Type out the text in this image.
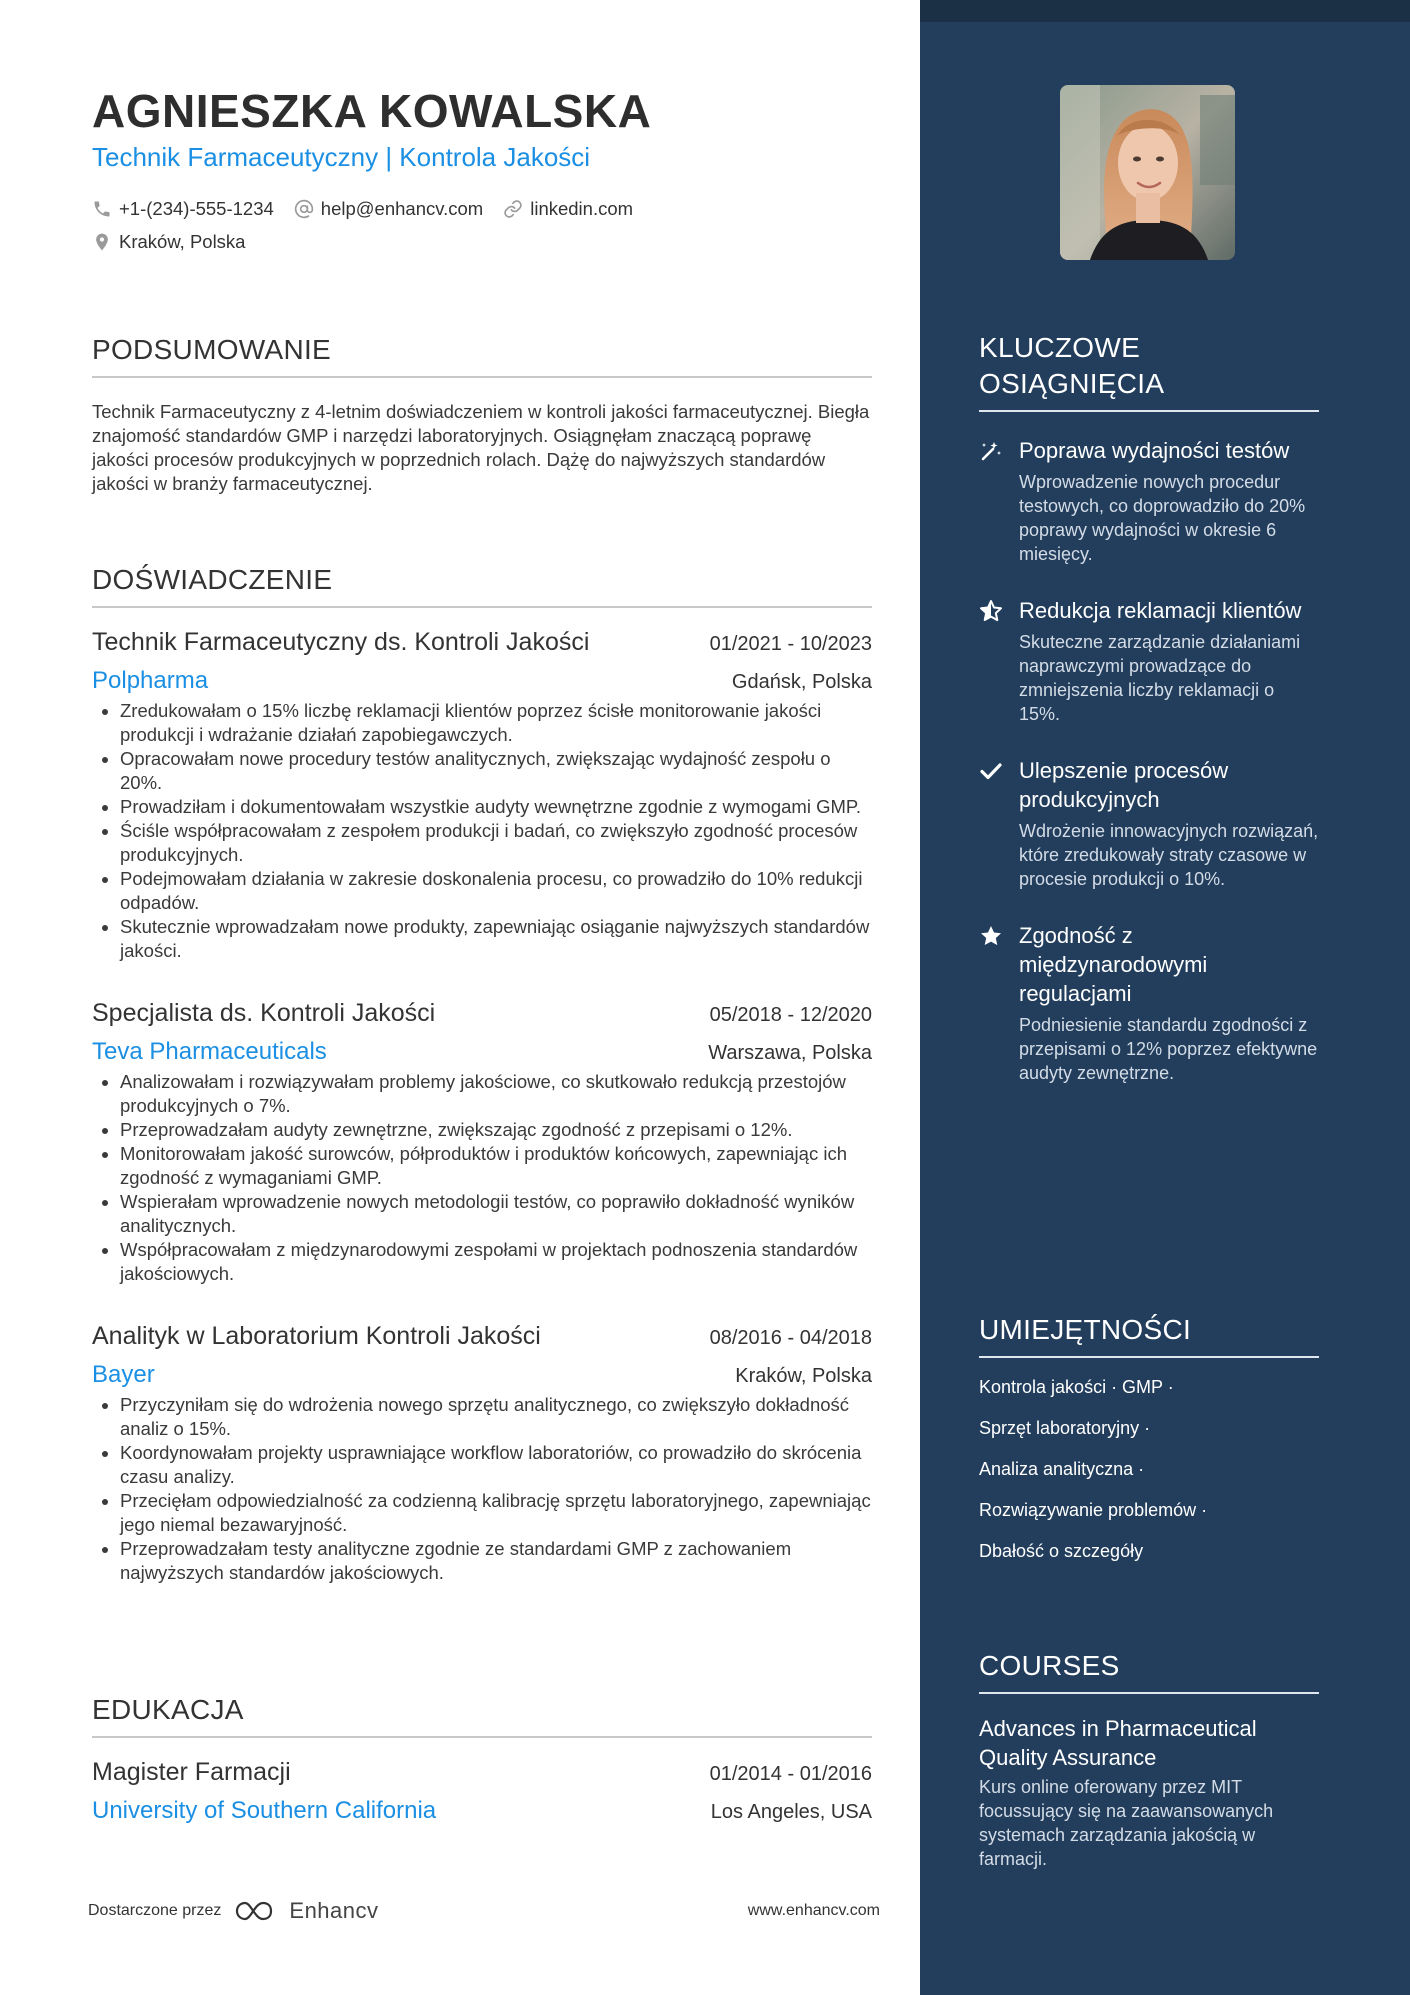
AGNIESZKA KOWALSKA
Technik Farmaceutyczny | Kontrola Jakości
+1-(234)-555-1234	help@enhancv.com	linkedin.com
Kraków, Polska
PODSUMOWANIE
Technik Farmaceutyczny z 4-letnim doświadczeniem w kontroli jakości farmaceutycznej. Biegła znajomość standardów GMP i narzędzi laboratoryjnych. Osiągnęłam znaczącą poprawę jakości procesów produkcyjnych w poprzednich rolach. Dążę do najwyższych standardów jakości w branży farmaceutycznej.
DOŚWIADCZENIE
Technik Farmaceutyczny ds. Kontroli Jakości	01/2021 - 10/2023
Polpharma	Gdańsk, Polska
• Zredukowałam o 15% liczbę reklamacji klientów poprzez ścisłe monitorowanie jakości produkcji i wdrażanie działań zapobiegawczych.
• Opracowałam nowe procedury testów analitycznych, zwiększając wydajność zespołu o 20%.
• Prowadziłam i dokumentowałam wszystkie audyty wewnętrzne zgodnie z wymogami GMP.
• Ściśle współpracowałam z zespołem produkcji i badań, co zwiększyło zgodność procesów produkcyjnych.
• Podejmowałam działania w zakresie doskonalenia procesu, co prowadziło do 10% redukcji odpadów.
• Skutecznie wprowadzałam nowe produkty, zapewniając osiąganie najwyższych standardów jakości.
Specjalista ds. Kontroli Jakości	05/2018 - 12/2020
Teva Pharmaceuticals	Warszawa, Polska
• Analizowałam i rozwiązywałam problemy jakościowe, co skutkowało redukcją przestojów produkcyjnych o 7%.
• Przeprowadzałam audyty zewnętrzne, zwiększając zgodność z przepisami o 12%.
• Monitorowałam jakość surowców, półproduktów i produktów końcowych, zapewniając ich zgodność z wymaganiami GMP.
• Wspierałam wprowadzenie nowych metodologii testów, co poprawiło dokładność wyników analitycznych.
• Współpracowałam z międzynarodowymi zespołami w projektach podnoszenia standardów jakościowych.
Analityk w Laboratorium Kontroli Jakości	08/2016 - 04/2018
Bayer	Kraków, Polska
• Przyczyniłam się do wdrożenia nowego sprzętu analitycznego, co zwiększyło dokładność analiz o 15%.
• Koordynowałam projekty usprawniające workflow laboratoriów, co prowadziło do skrócenia czasu analizy.
• Przecięłam odpowiedzialność za codzienną kalibrację sprzętu laboratoryjnego, zapewniając jego niemal bezawaryjność.
• Przeprowadzałam testy analityczne zgodnie ze standardami GMP z zachowaniem najwyższych standardów jakościowych.
EDUKACJA
Magister Farmacji	01/2014 - 01/2016
University of Southern California	Los Angeles, USA
Dostarczone przez	Enhancv	www.enhancv.com
KLUCZOWE OSIĄGNIĘCIA
Poprawa wydajności testów
Wprowadzenie nowych procedur testowych, co doprowadziło do 20% poprawy wydajności w okresie 6 miesięcy.
Redukcja reklamacji klientów
Skuteczne zarządzanie działaniami naprawczymi prowadzące do zmniejszenia liczby reklamacji o 15%.
Ulepszenie procesów produkcyjnych
Wdrożenie innowacyjnych rozwiązań, które zredukowały straty czasowe w procesie produkcji o 10%.
Zgodność z międzynarodowymi regulacjami
Podniesienie standardu zgodności z przepisami o 12% poprzez efektywne audyty zewnętrzne.
UMIEJĘTNOŚCI
Kontrola jakości · GMP ·
Sprzęt laboratoryjny ·
Analiza analityczna ·
Rozwiązywanie problemów ·
Dbałość o szczegóły
COURSES
Advances in Pharmaceutical Quality Assurance
Kurs online oferowany przez MIT focussujący się na zaawansowanych systemach zarządzania jakością w farmacji.
